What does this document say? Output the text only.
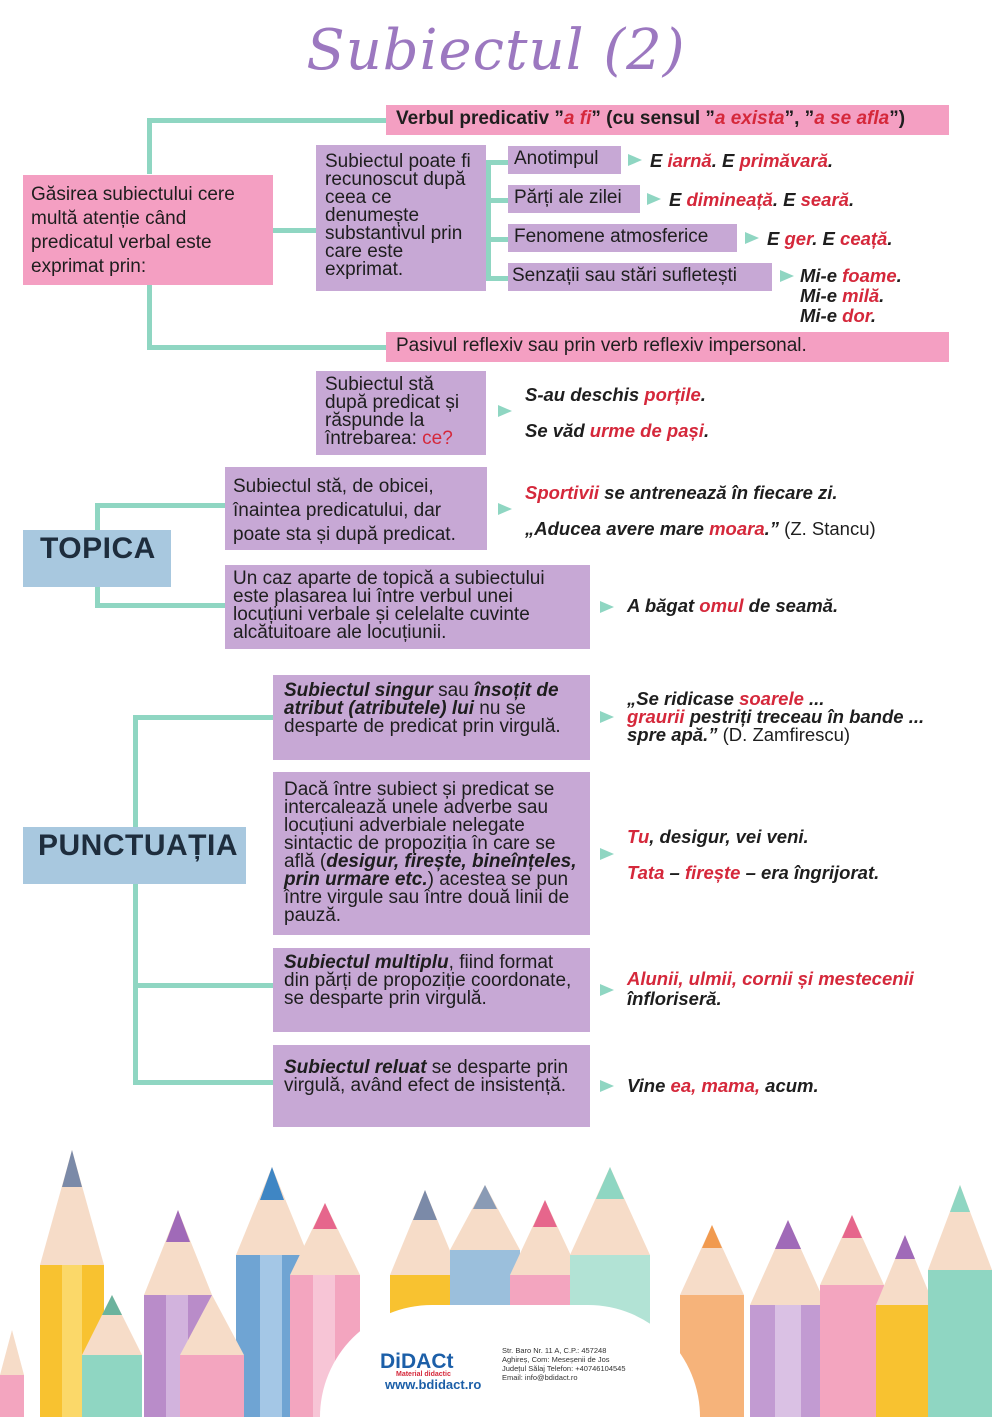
Subiectul (2)
Găsirea subiectului cere multă atenție când predicatul verbal este exprimat prin:
Verbul predicativ ”a fi” (cu sensul ”a exista”, ”a se afla”)
Subiectul poate fi recunoscut după ceea ce denumește substantivul prin care este exprimat.
Anotimpul
Părți ale zilei
Fenomene atmosferice
Senzații sau stări sufletești
E iarnă. E primăvară.
E dimineață. E seară.
E ger. E ceață.
Mi-e foame.
Mi-e milă.
Mi-e dor.
Pasivul reflexiv sau prin verb reflexiv impersonal.
Subiectul stă după predicat și răspunde la întrebarea: ce?
S-au deschis porțile.
Se văd urme de pași.
TOPICA
Subiectul stă, de obicei, înaintea predicatului, dar poate sta și după predicat.
Sportivii se antrenează în fiecare zi.
„Aducea avere mare moara.” (Z. Stancu)
Un caz aparte de topică a subiectului este plasarea lui între verbul unei locuțiuni verbale și celelalte cuvinte alcătuitoare ale locuțiunii.
A băgat omul de seamă.
PUNCTUAȚIA
Subiectul singur sau însoțit de atribut (atributele) lui nu se desparte de predicat prin virgulă.
„Se ridicase soarele ...
graurii pestriți treceau în bande ... spre apă.” (D. Zamfirescu)
Dacă între subiect și predicat se intercalează unele adverbe sau locuțiuni adverbiale nelegate sintactic de propoziția în care se află (desigur, firește, bineînțeles, prin urmare etc.) acestea se pun între virgule sau între două linii de pauză.
Tu, desigur, vei veni.
Tata – firește – era îngrijorat.
Subiectul multiplu, fiind format din părți de propoziție coordonate, se desparte prin virgulă.
Alunii, ulmii, cornii și mestecenii
înfloriseră.
Subiectul reluat se desparte prin virgulă, având efect de insistență.	Vine ea, mama, acum.
DiDACt
Material didactic
www.bdidact.ro
Str. Baro Nr. 11 A, C.P.: 457248 Aghireș, Com: Meseșenii de Jos Județul Sălaj Telefon: +40746104545 Email: info@bdidact.ro
